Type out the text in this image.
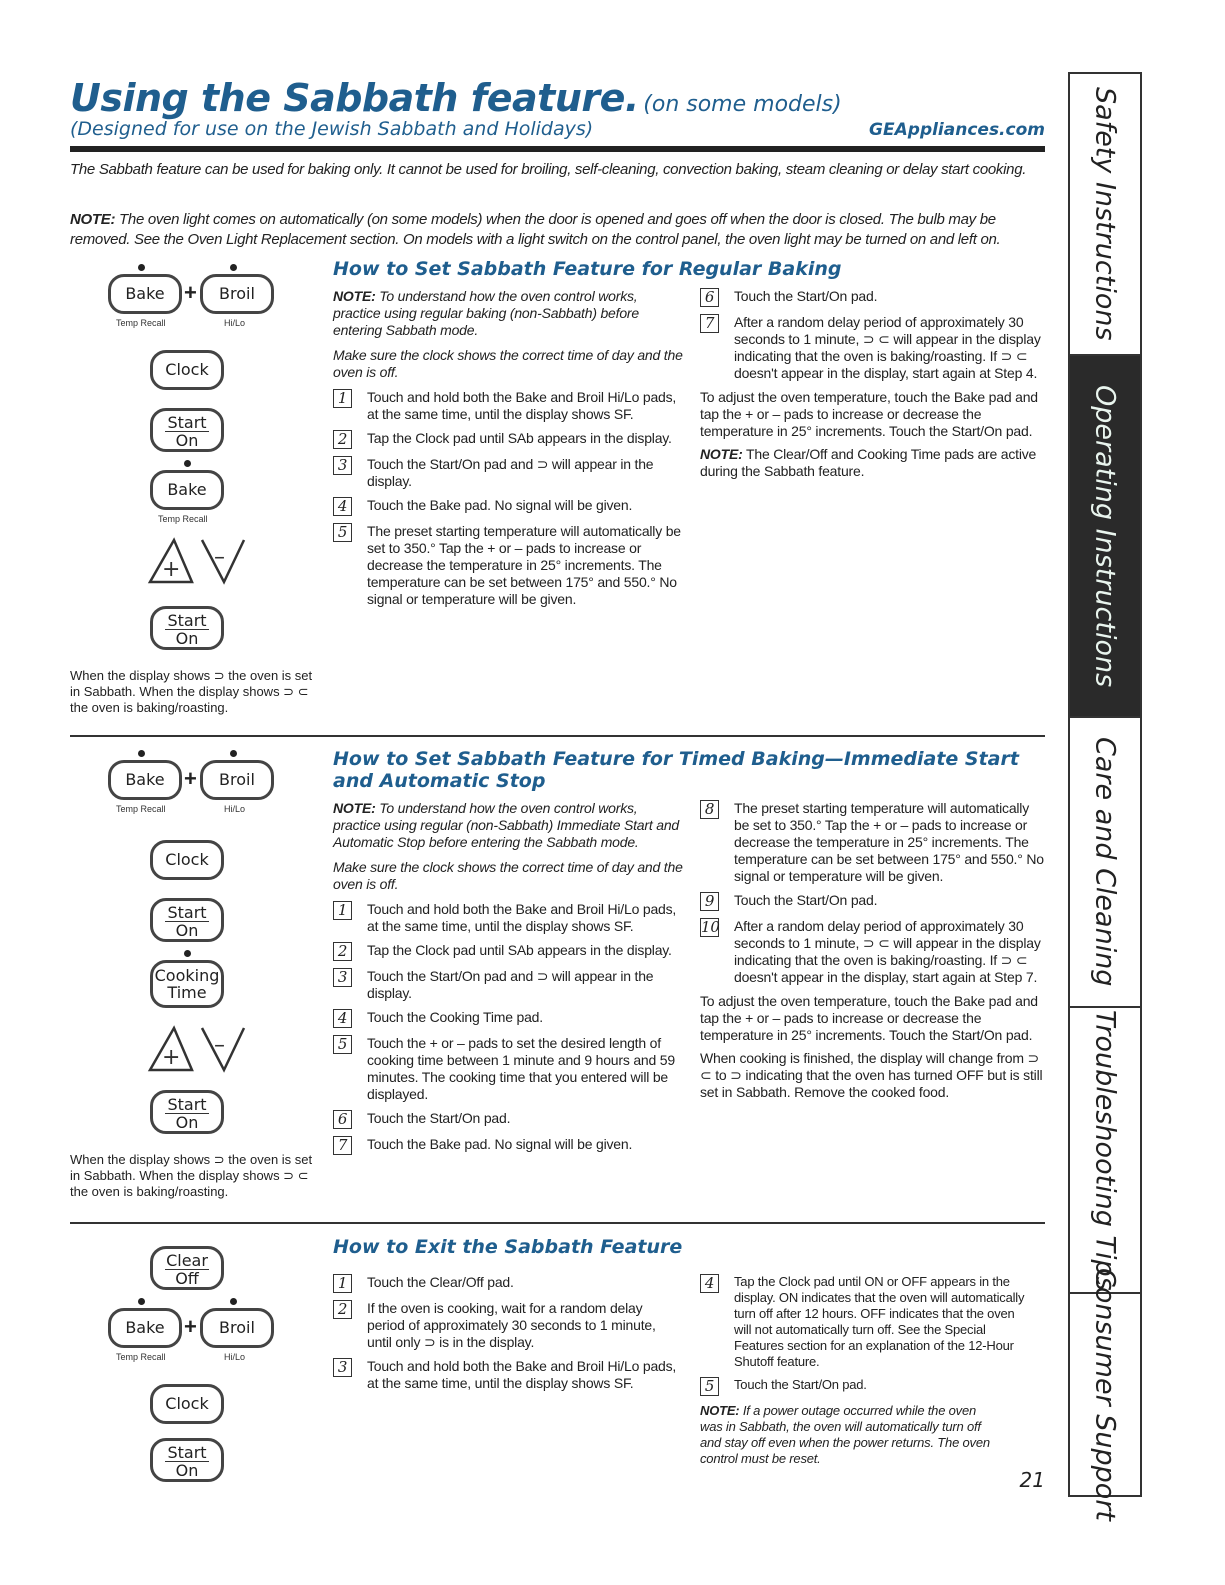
Using the Sabbath feature. (on some models)
(Designed for use on the Jewish Sabbath and Holidays)	GEAppliances.com
The Sabbath feature can be used for baking only. It cannot be used for broiling, self-cleaning, convection baking, steam cleaning or delay start cooking.
NOTE: The oven light comes on automatically (on some models) when the door is opened and goes off when the door is closed. The bulb may be removed. See the Oven Light Replacement section. On models with a light switch on the control panel, the oven light may be turned on and left on.
Bake +	Broil
Temp Recall	Hi/Lo
Clock
Start
On
Bake
Temp Recall
+ –
Start
On
When the display shows ⊃ the oven is set in Sabbath. When the display shows ⊃ ⊂ the oven is baking/roasting.
How to Set Sabbath Feature for Regular Baking
NOTE: To understand how the oven control works, practice using regular baking (non-Sabbath) before entering Sabbath mode.
Make sure the clock shows the correct time of day and the oven is off.
1	Touch and hold both the Bake and Broil Hi/Lo pads, at the same time, until the display shows SF.
2	Tap the Clock pad until SAb appears in the display.
3	Touch the Start/On pad and ⊃ will appear in the display.
4	Touch the Bake pad. No signal will be given.
5	The preset starting temperature will automatically be set to 350.° Tap the + or – pads to increase or decrease the temperature in 25° increments. The temperature can be set between 175° and 550.° No signal or temperature will be given.
6	Touch the Start/On pad.
7	After a random delay period of approximately 30 seconds to 1 minute, ⊃ ⊂ will appear in the display indicating that the oven is baking/roasting. If ⊃ ⊂ doesn't appear in the display, start again at Step 4.
To adjust the oven temperature, touch the Bake pad and tap the + or – pads to increase or decrease the temperature in 25° increments. Touch the Start/On pad.
NOTE: The Clear/Off and Cooking Time pads are active during the Sabbath feature.
Bake +	Broil
Temp Recall	Hi/Lo
Clock
Start
On
Cooking
Time
+ –
Start
On
When the display shows ⊃ the oven is set in Sabbath. When the display shows ⊃ ⊂ the oven is baking/roasting.
How to Set Sabbath Feature for Timed Baking—Immediate Start and Automatic Stop
NOTE: To understand how the oven control works, practice using regular (non-Sabbath) Immediate Start and Automatic Stop before entering the Sabbath mode.
Make sure the clock shows the correct time of day and the oven is off.
1	Touch and hold both the Bake and Broil Hi/Lo pads, at the same time, until the display shows SF.
2	Tap the Clock pad until SAb appears in the display.
3	Touch the Start/On pad and ⊃ will appear in the display.
4	Touch the Cooking Time pad.
5	Touch the + or – pads to set the desired length of cooking time between 1 minute and 9 hours and 59 minutes. The cooking time that you entered will be displayed.
6	Touch the Start/On pad.
7	Touch the Bake pad. No signal will be given.
8	The preset starting temperature will automatically be set to 350.° Tap the + or – pads to increase or decrease the temperature in 25° increments. The temperature can be set between 175° and 550.° No signal or temperature will be given.
9	Touch the Start/On pad.
10	After a random delay period of approximately 30 seconds to 1 minute, ⊃ ⊂ will appear in the display indicating that the oven is baking/roasting. If ⊃ ⊂ doesn't appear in the display, start again at Step 7.
To adjust the oven temperature, touch the Bake pad and tap the + or – pads to increase or decrease the temperature in 25° increments. Touch the Start/On pad.
When cooking is finished, the display will change from ⊃ ⊂ to ⊃ indicating that the oven has turned OFF but is still set in Sabbath. Remove the cooked food.
Clear
Off
Bake +	Broil
Temp Recall	Hi/Lo
Clock
Start
On
How to Exit the Sabbath Feature
1	Touch the Clear/Off pad.
2	If the oven is cooking, wait for a random delay period of approximately 30 seconds to 1 minute, until only ⊃ is in the display.
3	Touch and hold both the Bake and Broil Hi/Lo pads, at the same time, until the display shows SF.
4	Tap the Clock pad until ON or OFF appears in the display. ON indicates that the oven will automatically turn off after 12 hours. OFF indicates that the oven will not automatically turn off. See the Special Features section for an explanation of the 12-Hour Shutoff feature.
5	Touch the Start/On pad.
NOTE: If a power outage occurred while the oven was in Sabbath, the oven will automatically turn off and stay off even when the power returns. The oven control must be reset.
21
Safety Instructions
Operating Instructions
Care and Cleaning
Troubleshooting Tips
Consumer Support
